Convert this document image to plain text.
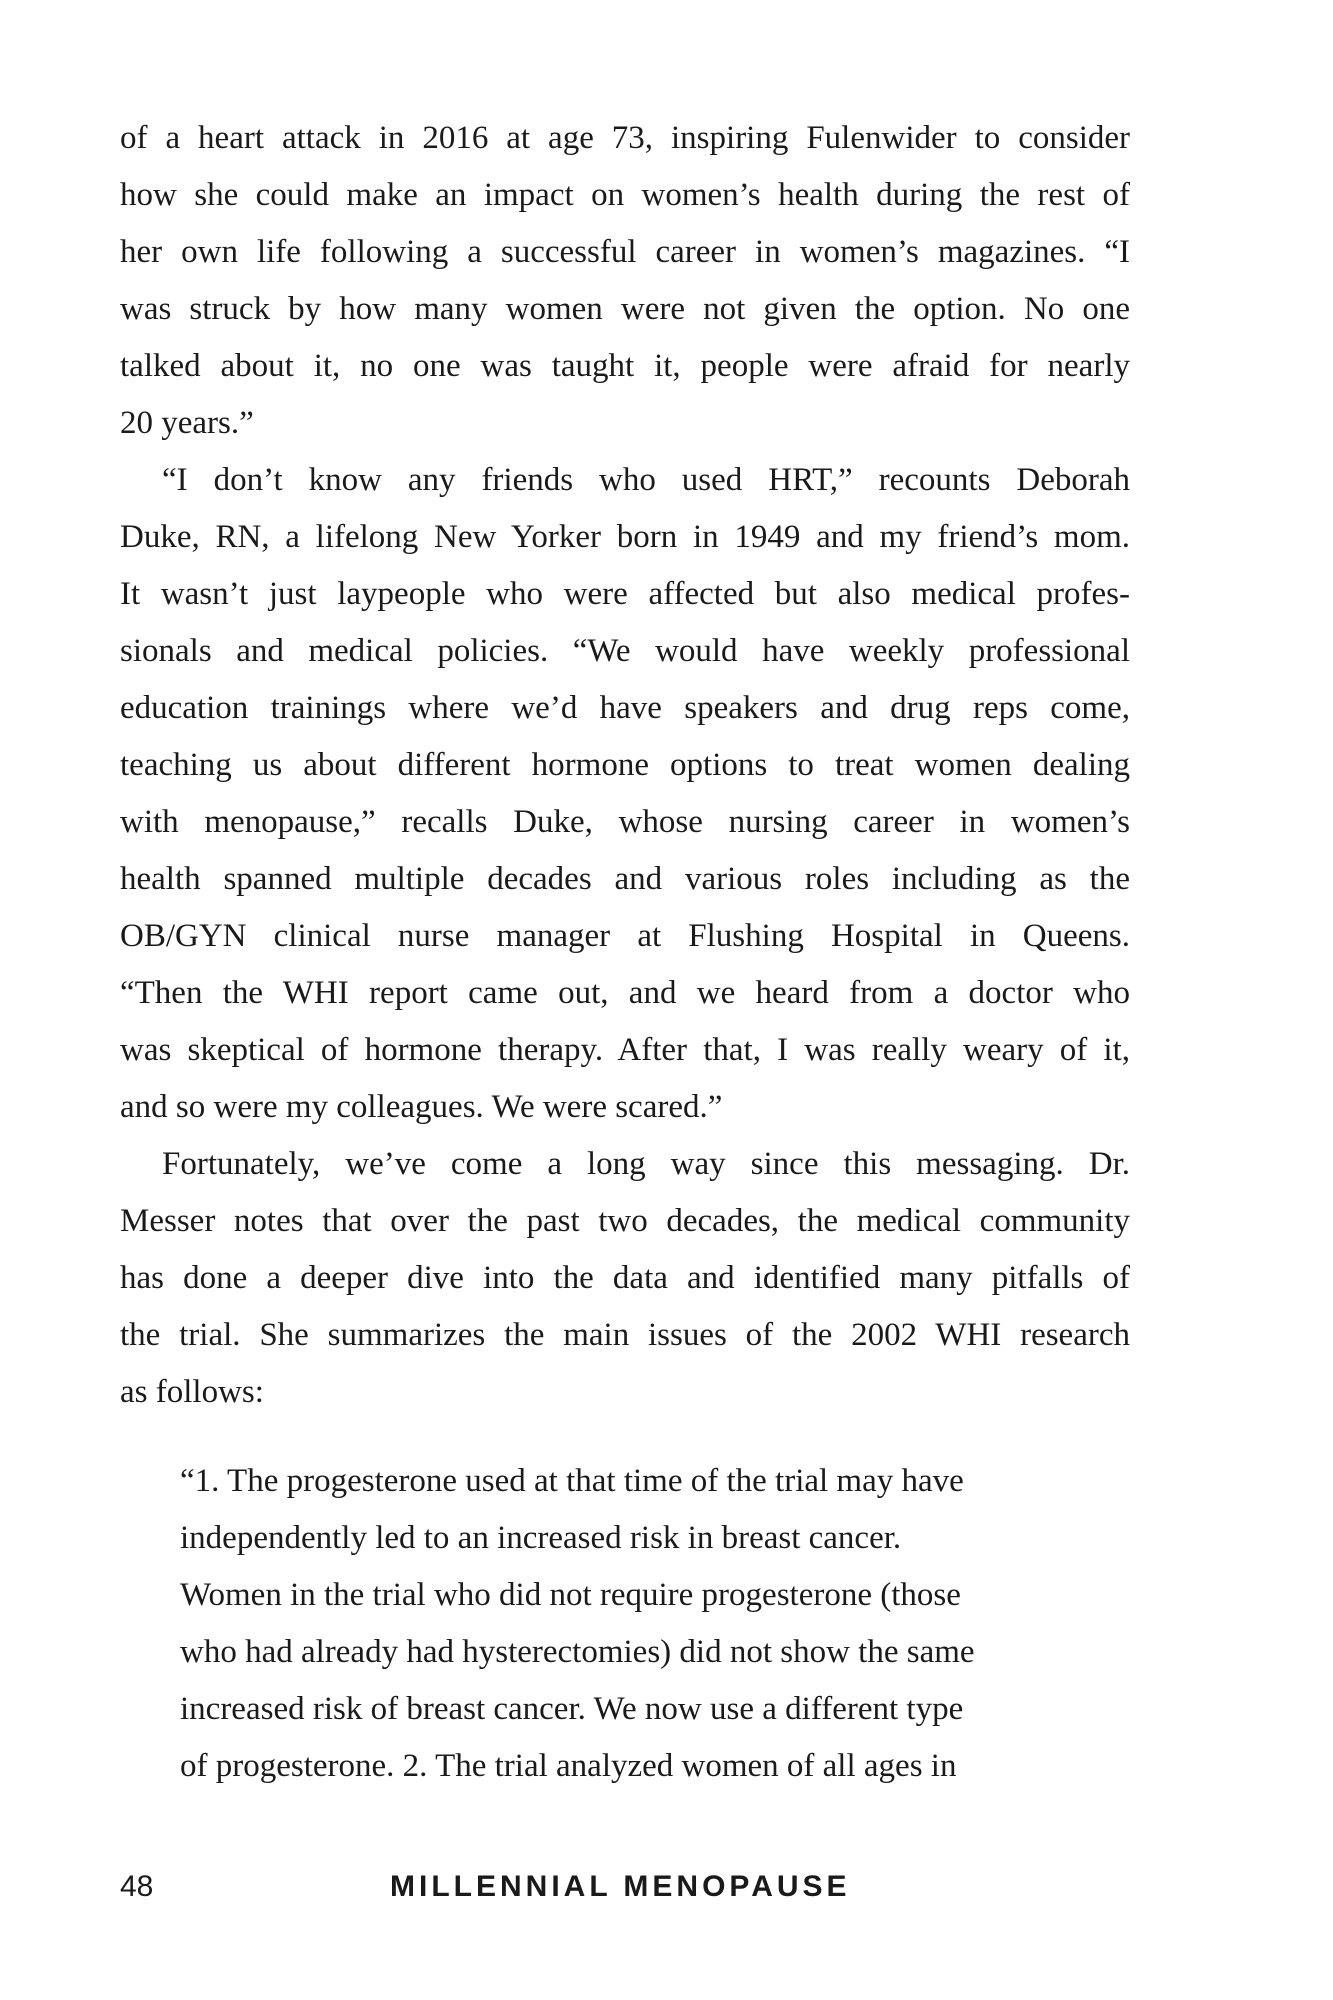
of a heart attack in 2016 at age 73, inspiring Fulenwider to consider
how she could make an impact on women’s health during the rest of
her own life following a successful career in women’s magazines. “I
was struck by how many women were not given the option. No one
talked about it, no one was taught it, people were afraid for nearly
20 years.”
“I don’t know any friends who used HRT,” recounts Deborah
Duke, RN, a lifelong New Yorker born in 1949 and my friend’s mom.
It wasn’t just laypeople who were affected but also medical profes-
sionals and medical policies. “We would have weekly professional
education trainings where we’d have speakers and drug reps come,
teaching us about different hormone options to treat women dealing
with menopause,” recalls Duke, whose nursing career in women’s
health spanned multiple decades and various roles including as the
OB/GYN clinical nurse manager at Flushing Hospital in Queens.
“Then the WHI report came out, and we heard from a doctor who
was skeptical of hormone therapy. After that, I was really weary of it,
and so were my colleagues. We were scared.”
Fortunately, we’ve come a long way since this messaging. Dr.
Messer notes that over the past two decades, the medical community
has done a deeper dive into the data and identified many pitfalls of
the trial. She summarizes the main issues of the 2002 WHI research
as follows:
“1. The progesterone used at that time of the trial may have
independently led to an increased risk in breast cancer.
Women in the trial who did not require progesterone (those
who had already had hysterectomies) did not show the same
increased risk of breast cancer. We now use a different type
of progesterone. 2. The trial analyzed women of all ages in
48	MILLENNIAL MENOPAUSE
